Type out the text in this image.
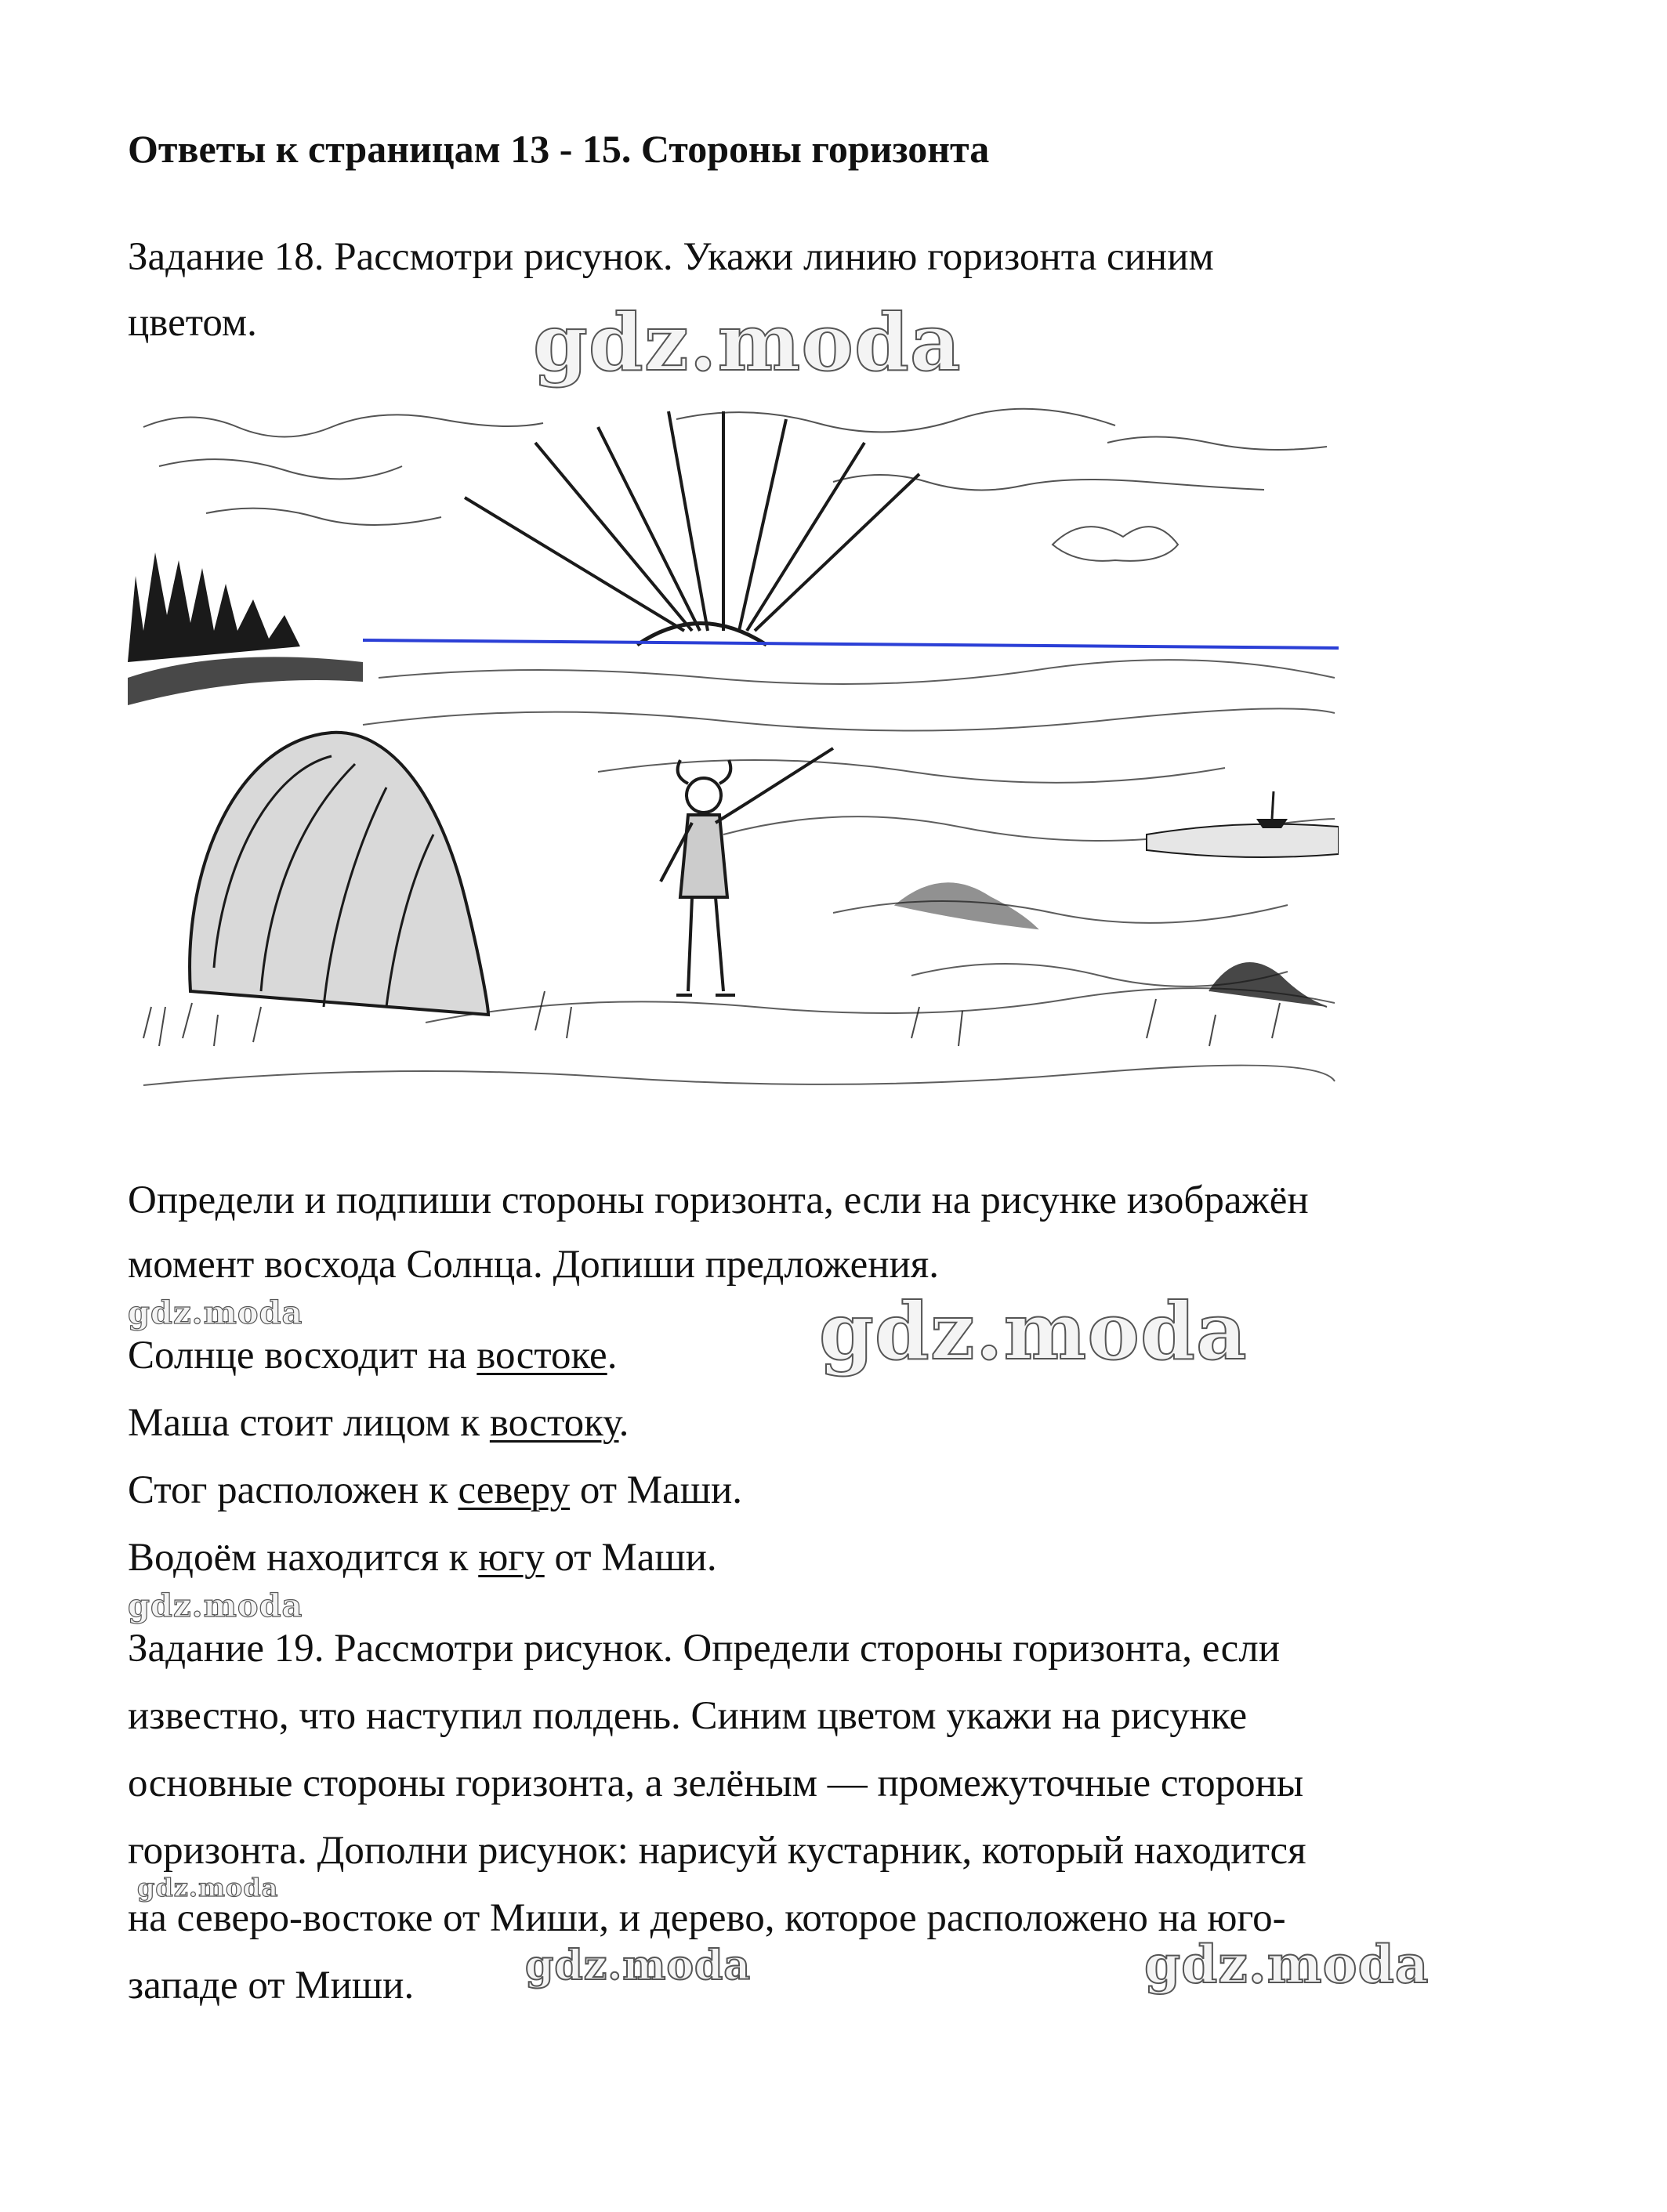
Ответы к страницам 13 - 15. Стороны горизонта
Задание 18. Рассмотри рисунок. Укажи линию горизонта синим
цветом.	gdz.moda
Определи и подпиши стороны горизонта, если на рисунке изображён
момент восхода Солнца. Допиши предложения.
gdz.moda	gdz.moda
Солнце восходит на востоке.
Маша стоит лицом к востоку.
Стог расположен к северу от Маши.
Водоём находится к югу от Маши.
gdz.moda
Задание 19. Рассмотри рисунок. Определи стороны горизонта, если
известно, что наступил полдень. Синим цветом укажи на рисунке
основные стороны горизонта, а зелёным — промежуточные стороны
горизонта. Дополни рисунок: нарисуй кустарник, который находится
gdz.moda
на северо-востоке от Миши, и дерево, которое расположено на юго-
западе от Миши.	gdz.moda	gdz.moda
